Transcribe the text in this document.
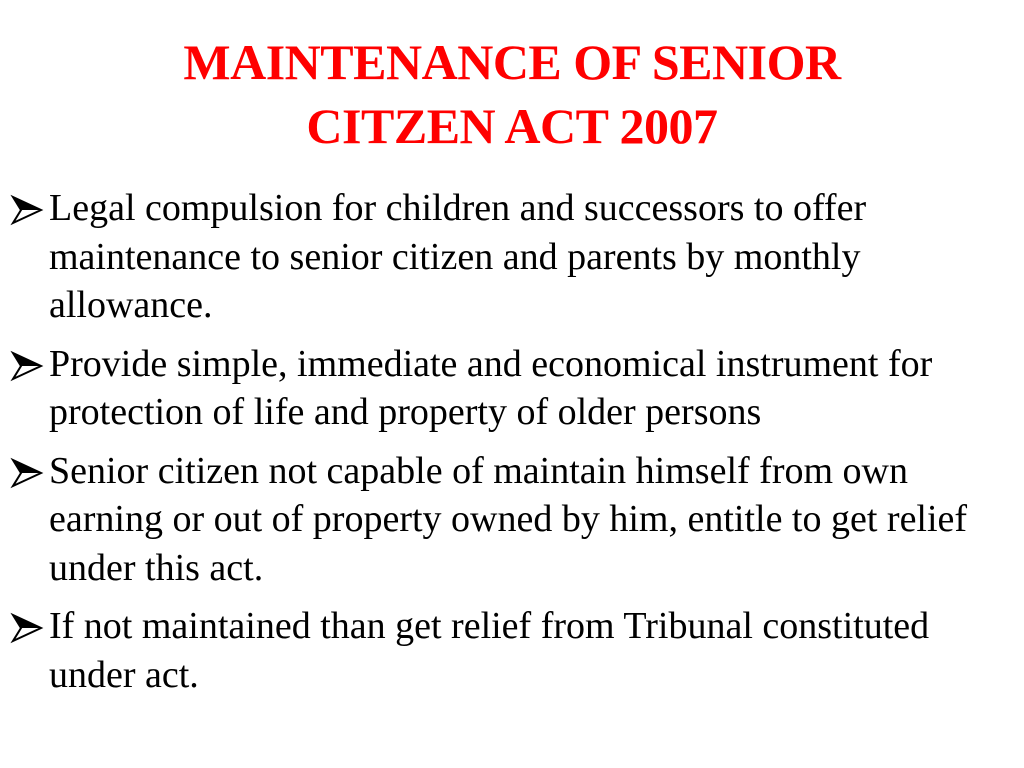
MAINTENANCE OF SENIOR
CITZEN ACT 2007
Legal compulsion for children and successors to offer maintenance to senior citizen and parents by monthly allowance.
Provide simple, immediate and economical instrument for protection of life and property of older persons
Senior citizen not capable of maintain himself from own earning or out of property owned by him, entitle to get relief under this act.
If not maintained than get relief from Tribunal constituted under act.
